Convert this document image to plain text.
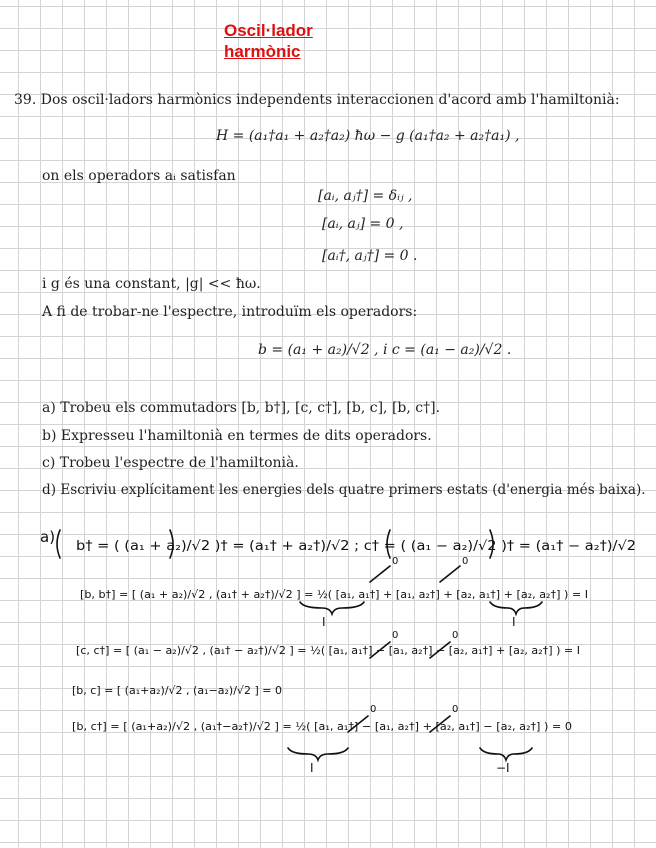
Oscil·lador
harmònic
39. Dos oscil·ladors harmònics independents interaccionen d'acord amb l'hamiltonià:
H = (a₁†a₁ + a₂†a₂) ħω − g (a₁†a₂ + a₂†a₁) ,
on els operadors aᵢ satisfan
[aᵢ, aⱼ†] = δᵢⱼ ,
[aᵢ, aⱼ] = 0 ,
[aᵢ†, aⱼ†] = 0 .
i g és una constant, |g| << ħω.
A fi de trobar-ne l'espectre, introduïm els operadors:
b = (a₁ + a₂)/√2 , i c = (a₁ − a₂)/√2 .
a) Trobeu els commutadors [b, b†], [c, c†], [b, c], [b, c†].
b) Expresseu l'hamiltonià en termes de dits operadors.
c) Trobeu l'espectre de l'hamiltonià.
d) Escriviu explícitament les energies dels quatre primers estats (d'energia més baixa).
a)
b† = ( (a₁ + a₂)/√2 )† = (a₁† + a₂†)/√2 ; c† = ( (a₁ − a₂)/√2 )† = (a₁† − a₂†)/√2
[b, b†] = [ (a₁ + a₂)/√2 , (a₁† + a₂†)/√2 ] = ½( [a₁, a₁†] + [a₁, a₂†] + [a₂, a₁†] + [a₂, a₂†] ) = I
[c, c†] = [ (a₁ − a₂)/√2 , (a₁† − a₂†)/√2 ] = ½( [a₁, a₁†] − [a₁, a₂†] − [a₂, a₁†] + [a₂, a₂†] ) = I
[b, c] = [ (a₁+a₂)/√2 , (a₁−a₂)/√2 ] = 0
[b, c†] = [ (a₁+a₂)/√2 , (a₁†−a₂†)/√2 ] = ½( [a₁, a₁†] − [a₁, a₂†] + [a₂, a₁†] − [a₂, a₂†] ) = 0
I	I
I	−I
0	0
0	0
0	0
